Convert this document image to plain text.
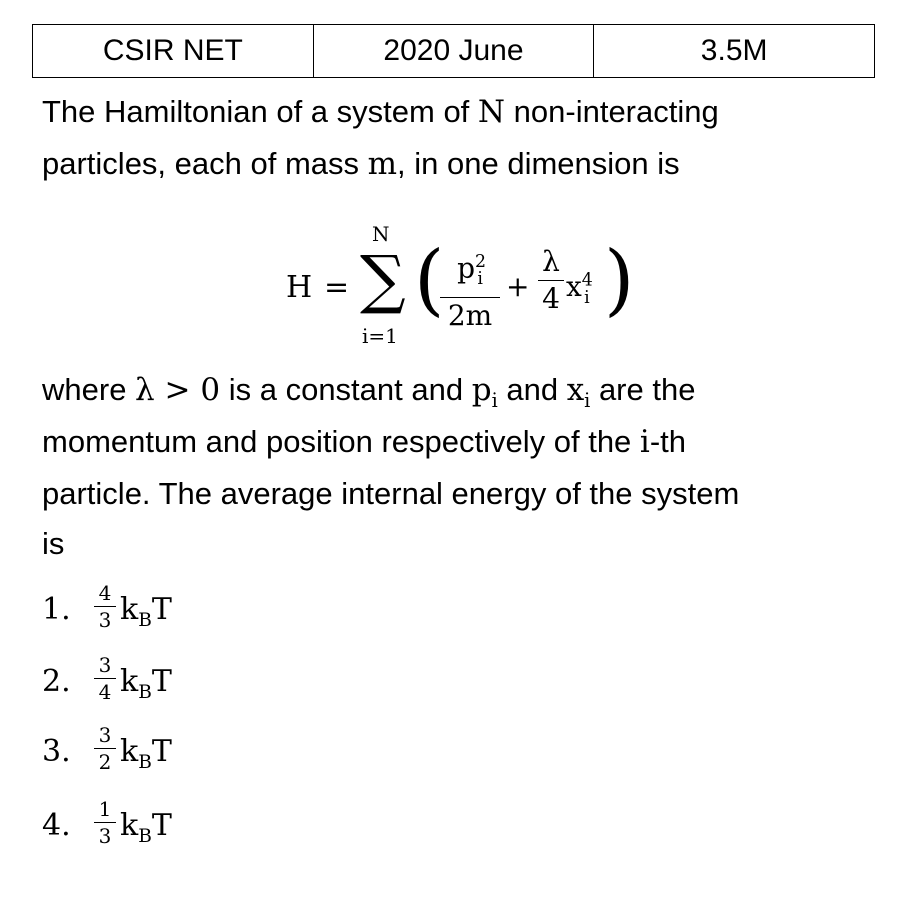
CSIR NET	2020 June	3.5M
The Hamiltonian of a system of N non-interacting
particles, each of mass m, in one dimension is
H =
N
∑
i=1
( $p^2_i$
2m
+
λ
4 $x^4_i$ )
where λ > 0 is a constant and $p_i$ and $x_i$ are the
momentum and position respectively of the i-th
particle. The average internal energy of the system
is
1. 4
3 $k_BT$
2. 3
4 $k_BT$
3. 3
2 $k_BT$
4. 1
3 $k_BT$
